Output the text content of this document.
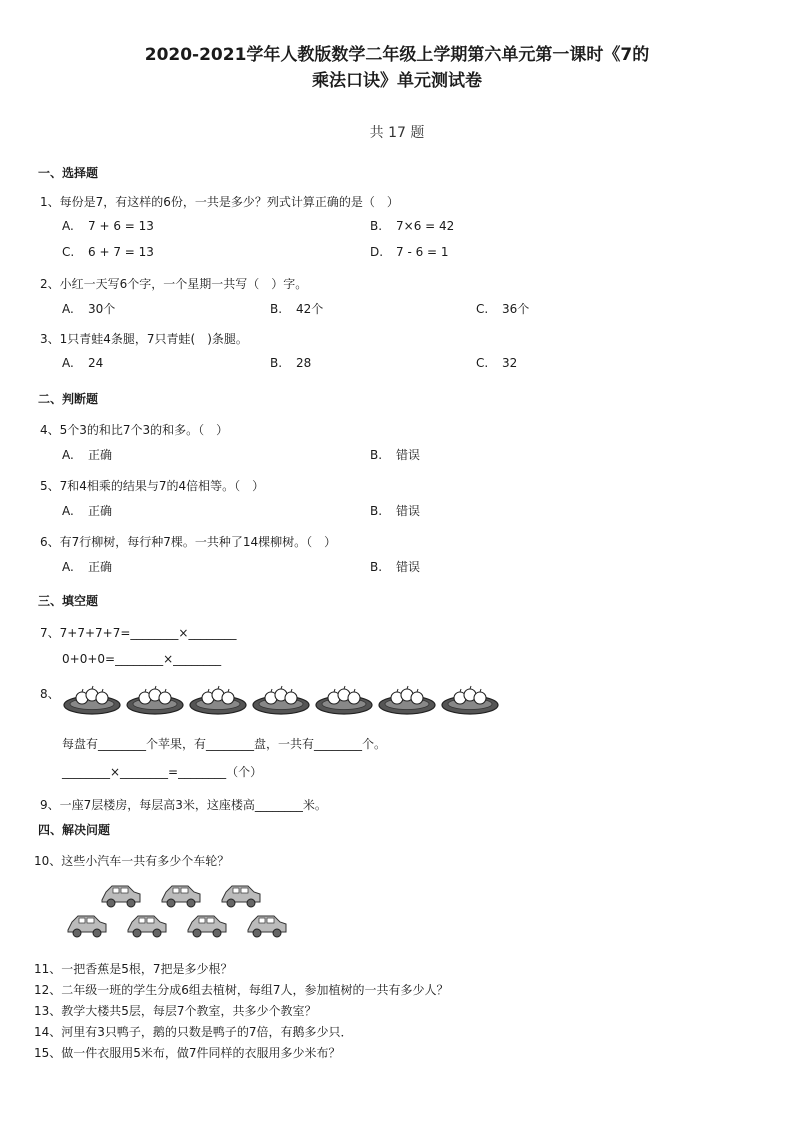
2020-2021学年人教版数学二年级上学期第六单元第一课时《7的
乘法口诀》单元测试卷
共 17 题
一、选择题
1、每份是7，有这样的6份，一共是多少？列式计算正确的是（　）
A. 7 + 6 = 13	B. 7×6 = 42
C. 6 + 7 = 13	D. 7 - 6 = 1
2、小红一天写6个字，一个星期一共写（　）字。
A. 30个	B. 42个	C. 36个
3、1只青蛙4条腿，7只青蛙(　)条腿。
A. 24	B. 28	C. 32
二、判断题
4、5个3的和比7个3的和多。（　）
A. 正确	B. 错误
5、7和4相乘的结果与7的4倍相等。（　）
A. 正确	B. 错误
6、有7行柳树，每行种7棵。一共种了14棵柳树。（　）
A. 正确	B. 错误
三、填空题
7、7+7+7+7=________×________
0+0+0=________×________
8、
每盘有________个苹果，有________盘，一共有________个。
________×________=________（个）
9、一座7层楼房，每层高3米，这座楼高________米。
四、解决问题
10、这些小汽车一共有多少个车轮？
11、一把香蕉是5根，7把是多少根？
12、二年级一班的学生分成6组去植树，每组7人，参加植树的一共有多少人？
13、教学大楼共5层，每层7个教室，共多少个教室？
14、河里有3只鸭子，鹅的只数是鸭子的7倍，有鹅多少只．
15、做一件衣服用5米布，做7件同样的衣服用多少米布？
